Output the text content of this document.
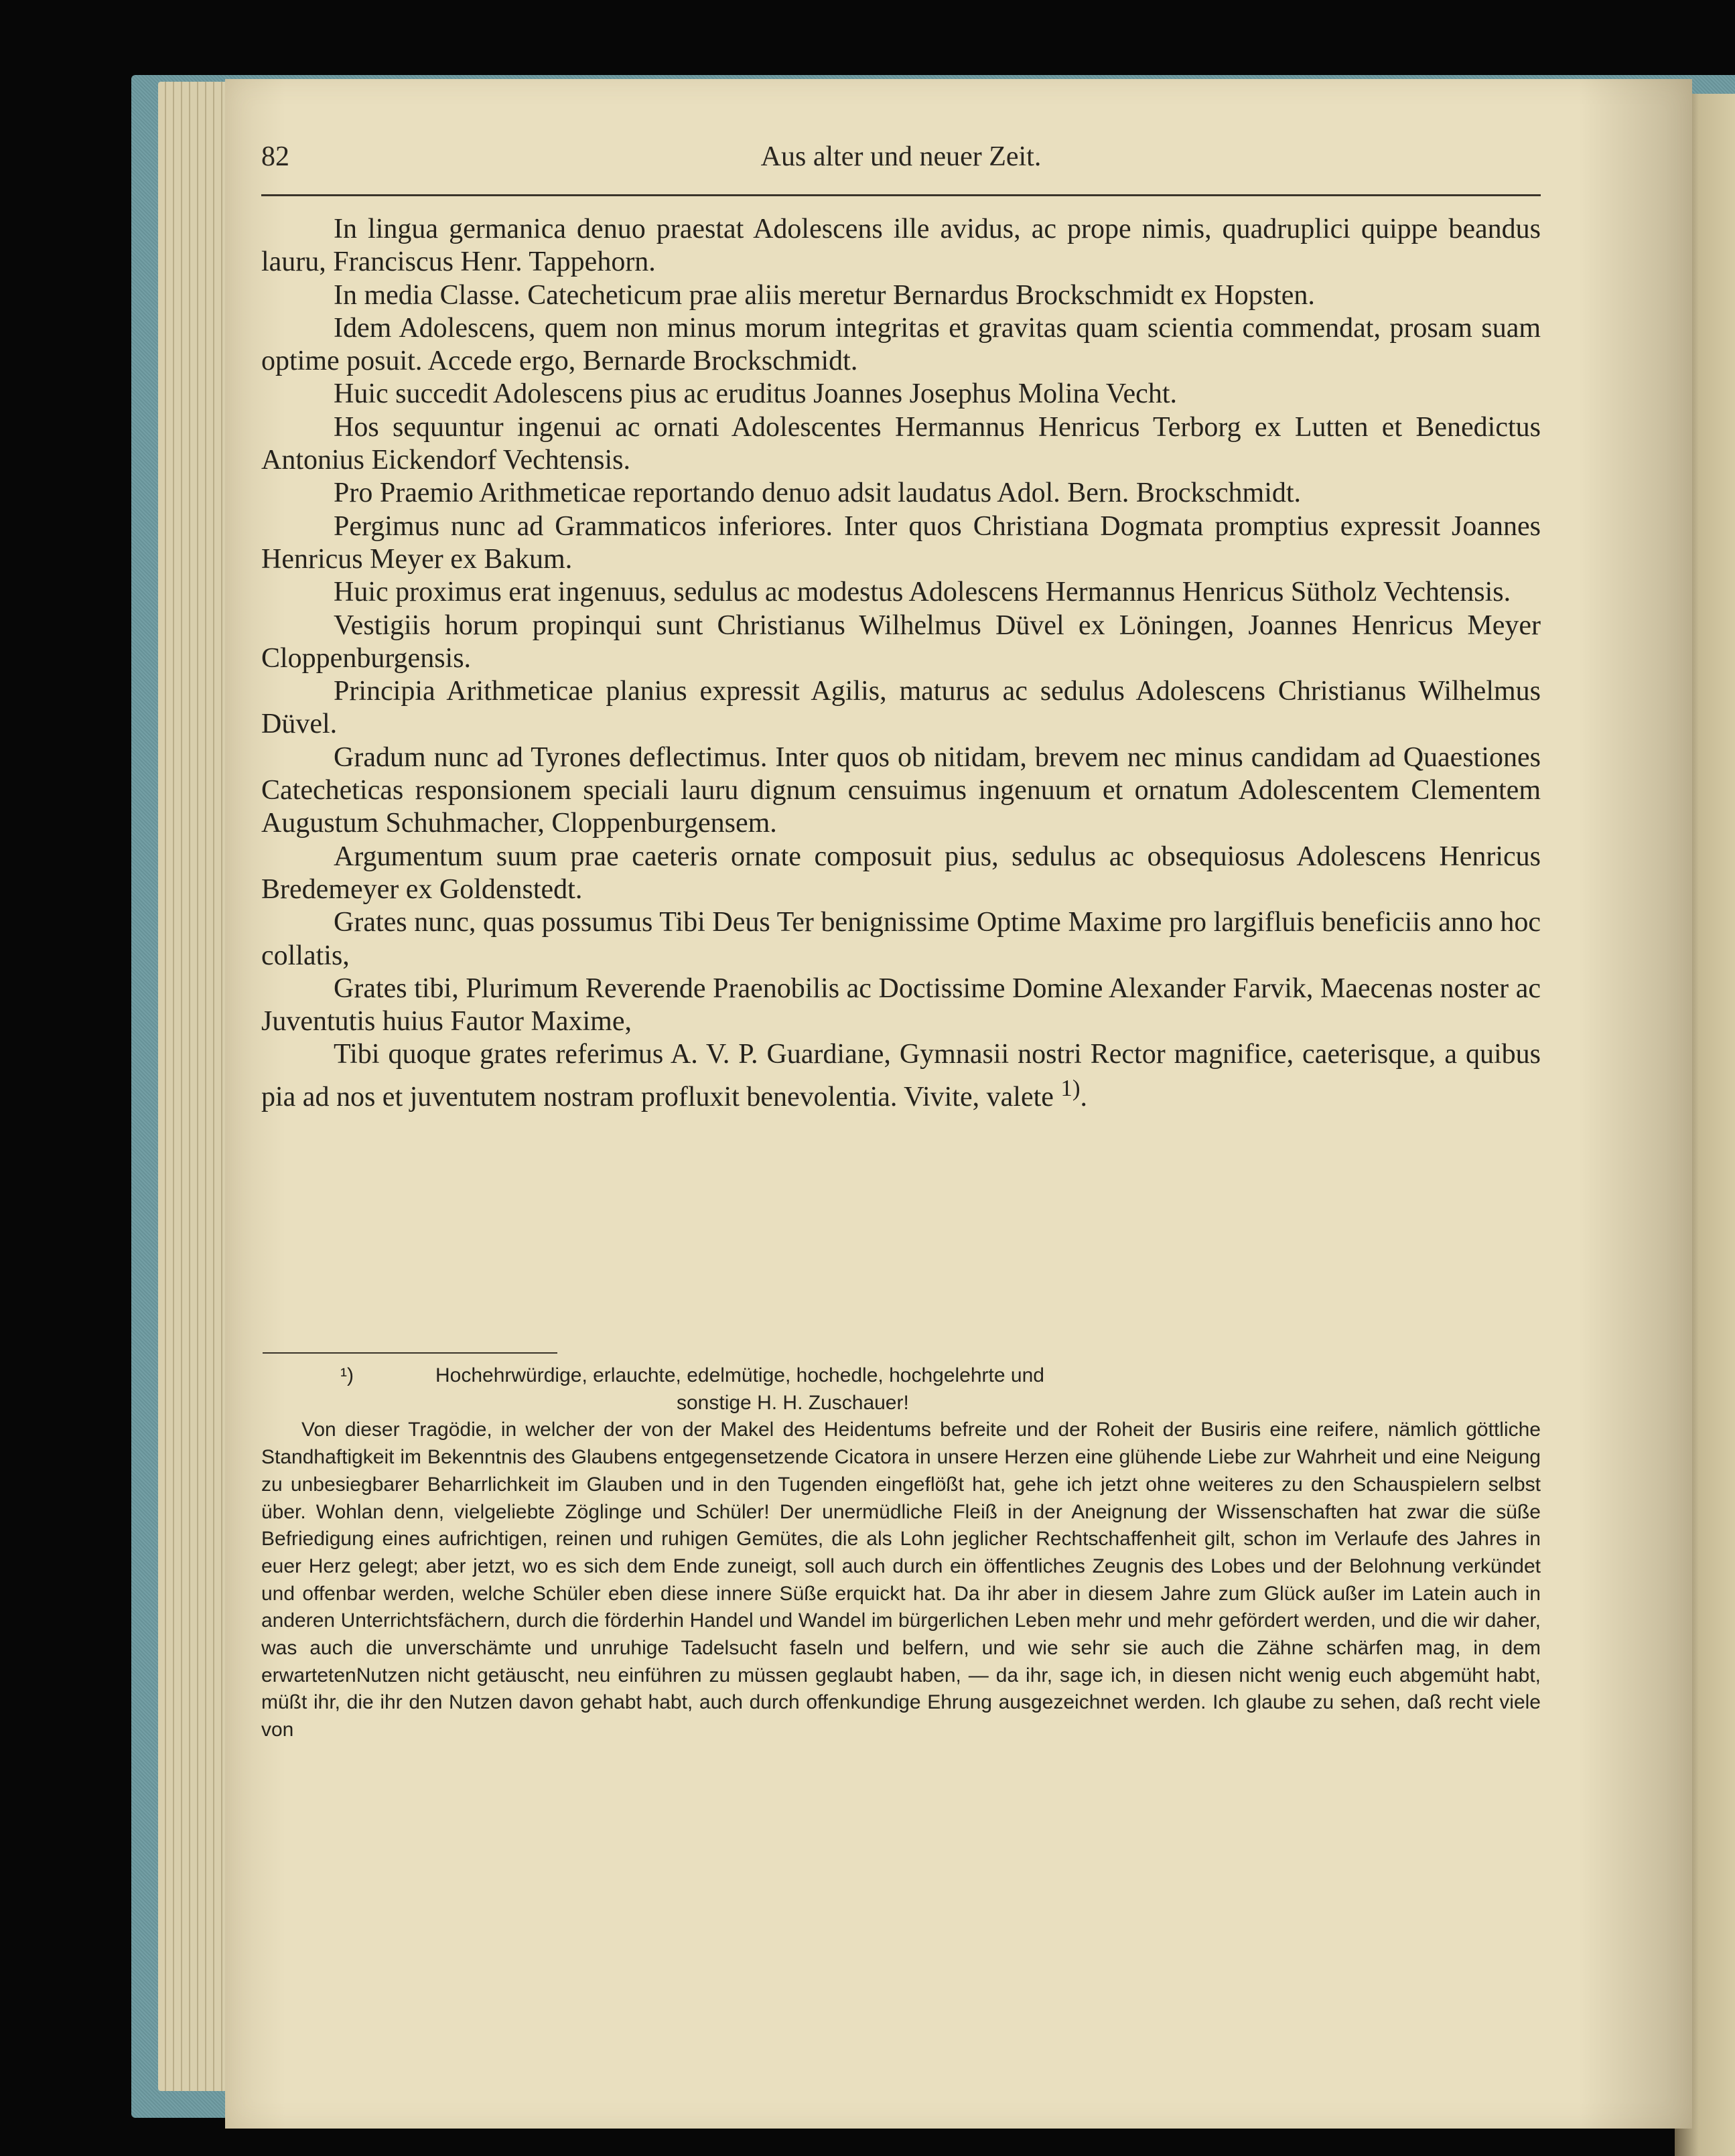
82	Aus alter und neuer Zeit.

In lingua germanica denuo praestat Adolescens ille avidus, ac prope nimis, quadruplici quippe beandus lauru, Franciscus Henr. Tappehorn.

In media Classe. Catecheticum prae aliis meretur Bernardus Brockschmidt ex Hopsten.

Idem Adolescens, quem non minus morum integritas et gravitas quam scientia commendat, prosam suam optime posuit. Accede ergo, Bernarde Brockschmidt.

Huic succedit Adolescens pius ac eruditus Joannes Josephus Molina Vecht.

Hos sequuntur ingenui ac ornati Adolescentes Hermannus Henricus Terborg ex Lutten et Benedictus Antonius Eickendorf Vechtensis.

Pro Praemio Arithmeticae reportando denuo adsit laudatus Adol. Bern. Brockschmidt.

Pergimus nunc ad Grammaticos inferiores. Inter quos Christiana Dogmata promptius expressit Joannes Henricus Meyer ex Bakum.

Huic proximus erat ingenuus, sedulus ac modestus Adolescens Hermannus Henricus Sütholz Vechtensis.

Vestigiis horum propinqui sunt Christianus Wilhelmus Düvel ex Löningen, Joannes Henricus Meyer Cloppenburgensis.

Principia Arithmeticae planius expressit Agilis, maturus ac sedulus Adolescens Christianus Wilhelmus Düvel.

Gradum nunc ad Tyrones deflectimus. Inter quos ob nitidam, brevem nec minus candidam ad Quaestiones Catecheticas responsionem speciali lauru dignum censuimus ingenuum et ornatum Adolescentem Clementem Augustum Schuhmacher, Cloppenburgensem.

Argumentum suum prae caeteris ornate composuit pius, sedulus ac obsequiosus Adolescens Henricus Bredemeyer ex Goldenstedt.

Grates nunc, quas possumus Tibi Deus Ter benignissime Optime Maxime pro largifluis beneficiis anno hoc collatis,

Grates tibi, Plurimum Reverende Praenobilis ac Doctissime Domine Alexander Farvik, Maecenas noster ac Juventutis huius Fautor Maxime,

Tibi quoque grates referimus A. V. P. Guardiane, Gymnasii nostri Rector magnifice, caeterisque, a quibus pia ad nos et juventutem nostram profluxit benevolentia. Vivite, valete $^{1)}$.

¹)	Hochehrwürdige, erlauchte, edelmütige, hochedle, hochgelehrte und
sonstige H. H. Zuschauer!

Von dieser Tragödie, in welcher der von der Makel des Heidentums befreite und der Roheit der Busiris eine reifere, nämlich göttliche Standhaftigkeit im Bekenntnis des Glaubens entgegensetzende Cicatora in unsere Herzen eine glühende Liebe zur Wahrheit und eine Neigung zu unbesiegbarer Beharrlichkeit im Glauben und in den Tugenden eingeflößt hat, gehe ich jetzt ohne weiteres zu den Schauspielern selbst über. Wohlan denn, vielgeliebte Zöglinge und Schüler! Der unermüdliche Fleiß in der Aneignung der Wissenschaften hat zwar die süße Befriedigung eines aufrichtigen, reinen und ruhigen Gemütes, die als Lohn jeglicher Rechtschaffenheit gilt, schon im Verlaufe des Jahres in euer Herz gelegt; aber jetzt, wo es sich dem Ende zuneigt, soll auch durch ein öffentliches Zeugnis des Lobes und der Belohnung verkündet und offenbar werden, welche Schüler eben diese innere Süße erquickt hat. Da ihr aber in diesem Jahre zum Glück außer im Latein auch in anderen Unterrichtsfächern, durch die förderhin Handel und Wandel im bürgerlichen Leben mehr und mehr gefördert werden, und die wir daher, was auch die unverschämte und unruhige Tadelsucht faseln und belfern, und wie sehr sie auch die Zähne schärfen mag, in dem erwartetenNutzen nicht getäuscht, neu einführen zu müssen geglaubt haben, — da ihr, sage ich, in diesen nicht wenig euch abgemüht habt, müßt ihr, die ihr den Nutzen davon gehabt habt, auch durch offenkundige Ehrung ausgezeichnet werden. Ich glaube zu sehen, daß recht viele von
